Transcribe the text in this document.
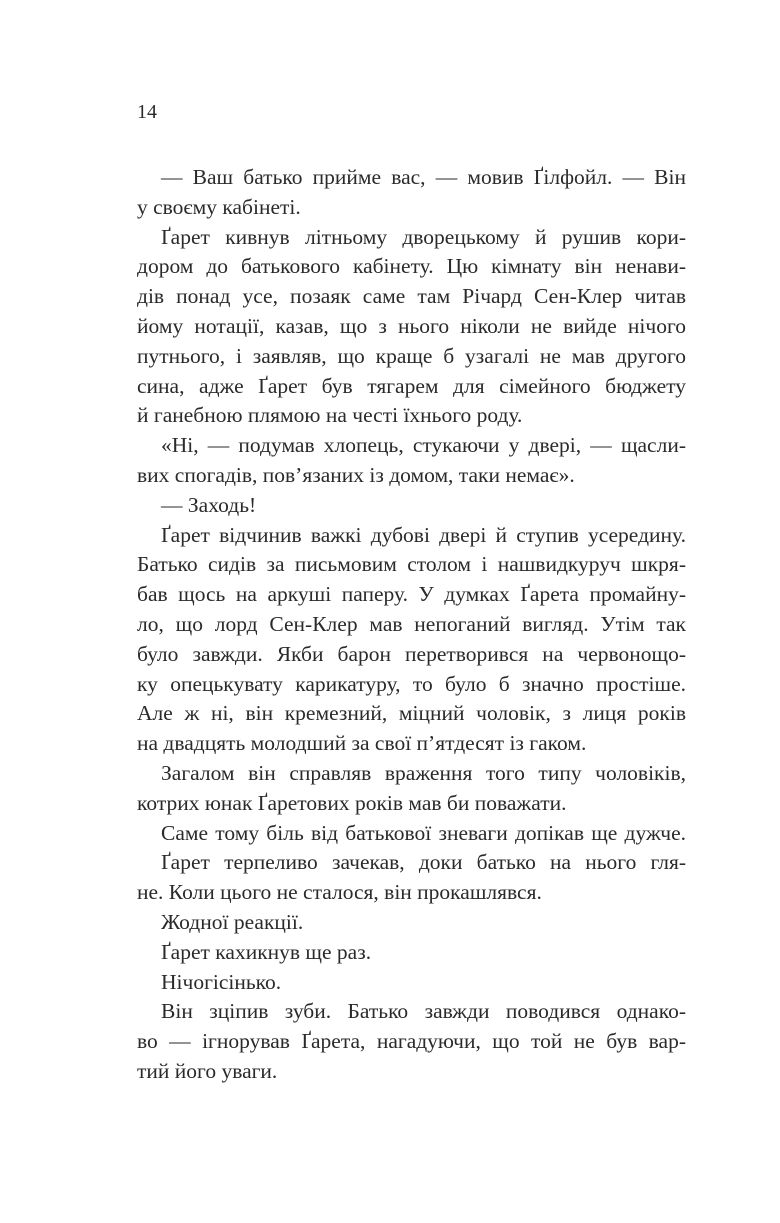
14
— Ваш батько прийме вас, — мовив Ґілфойл. — Він
у своєму кабінеті.
Ґарет кивнув літньому дворецькому й рушив кори-
дором до батькового кабінету. Цю кімнату він ненави-
дів понад усе, позаяк саме там Річард Сен-Клер читав
йому нотації, казав, що з нього ніколи не вийде нічого
путнього, і заявляв, що краще б узагалі не мав другого
сина, адже Ґарет був тягарем для сімейного бюджету
й ганебною плямою на честі їхнього роду.
«Ні, — подумав хлопець, стукаючи у двері, — щасли-
вих спогадів, пов’язаних із домом, таки немає».
— Заходь!
Ґарет відчинив важкі дубові двері й ступив усередину.
Батько сидів за письмовим столом і нашвидкуруч шкря-
бав щось на аркуші паперу. У думках Ґарета промайну-
ло, що лорд Сен-Клер мав непоганий вигляд. Утім так
було завжди. Якби барон перетворився на червонощо-
ку опецькувату карикатуру, то було б значно простіше.
Але ж ні, він кремезний, міцний чоловік, з лиця років
на двадцять молодший за свої п’ятдесят із гаком.
Загалом він справляв враження того типу чоловіків,
котрих юнак Ґаретових років мав би поважати.
Саме тому біль від батькової зневаги допікав ще дужче.
Ґарет терпеливо зачекав, доки батько на нього гля-
не. Коли цього не сталося, він прокашлявся.
Жодної реакції.
Ґарет кахикнув ще раз.
Нічогісінько.
Він зціпив зуби. Батько завжди поводився однако-
во — ігнорував Ґарета, нагадуючи, що той не був вар-
тий його уваги.
